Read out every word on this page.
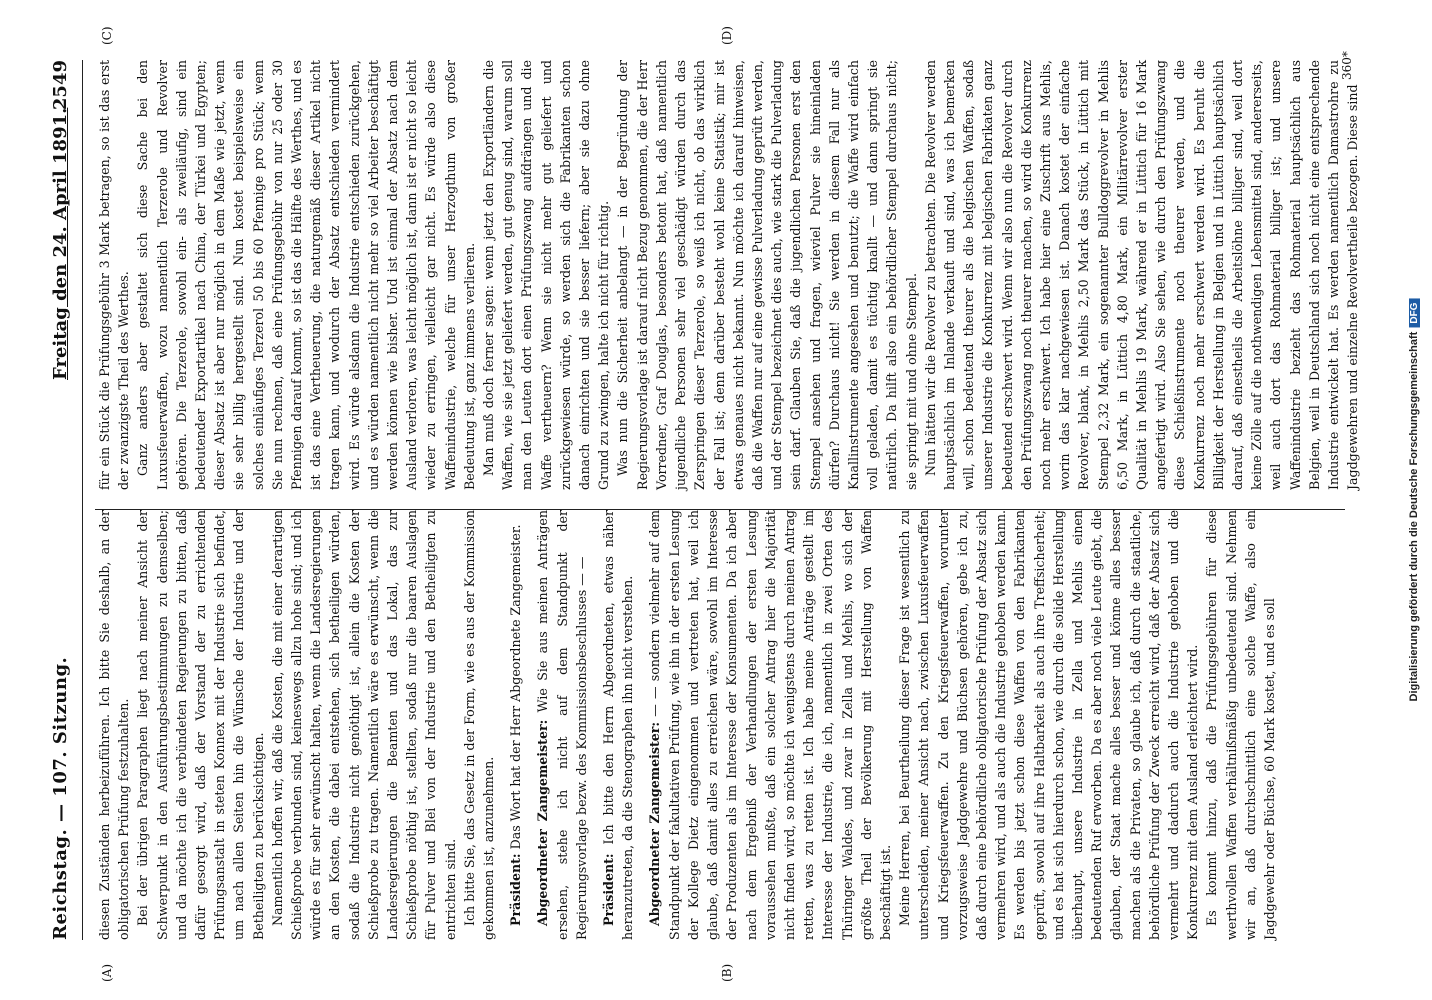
Reichstag. — 107. Sitzung.
Freitag den 24. April 1891.
2549
(A)	(B)
(C)	(D)

diesen Zuständen herbeizuführen. Ich bitte Sie deshalb, an der obligatorischen Prüfung festzuhalten. Bei der übrigen Paragraphen liegt nach meiner Ansicht der Schwerpunkt in den Ausführungsbestimmungen zu demselben; und da möchte ich die verbündeten Regierungen zu bitten, daß dafür gesorgt wird, daß der Vorstand der zu errichtenden Prüfungsanstalt in steten Konnex mit der Industrie sich befindet, um nach allen Seiten hin die Wünsche der Industrie und der Betheiligten zu berücksichtigen. Namentlich hoffen wir, daß die Kosten, die mit einer derartigen Schießprobe verbunden sind, keineswegs allzu hohe sind; und ich würde es für sehr erwünscht halten, wenn die Landesregierungen an den Kosten, die dabei entstehen, sich betheiligen würden, sodaß die Industrie nicht genöthigt ist, allein die Kosten der Schießprobe zu tragen. Namentlich wäre es erwünscht, wenn die Landesregierungen die Beamten und das Lokal, das zur Schießprobe nöthig ist, stellten, sodaß nur die baaren Auslagen für Pulver und Blei von der Industrie und den Betheiligten zu entrichten sind. Ich bitte Sie, das Gesetz in der Form, wie es aus der Kommission gekommen ist, anzunehmen. Präsident: Das Wort hat der Herr Abgeordnete Zangemeister. Abgeordneter Zangemeister: Wie Sie aus meinen Anträgen ersehen, stehe ich nicht auf dem Standpunkt der Regierungsvorlage bezw. des Kommissionsbeschlusses — — Präsident: Ich bitte den Herrn Abgeordneten, etwas näher heranzutreten, da die Stenographen ihn nicht verstehen. Abgeordneter Zangemeister: — — sondern vielmehr auf dem Standpunkt der fakultativen Prüfung, wie ihn in der ersten Lesung der Kollege Dietz eingenommen und vertreten hat, weil ich glaube, daß damit alles zu erreichen wäre, sowohl im Interesse der Produzenten als im Interesse der Konsumenten. Da ich aber nach dem Ergebniß der Verhandlungen der ersten Lesung voraussehen mußte, daß ein solcher Antrag hier die Majorität nicht finden wird, so möchte ich wenigstens durch meinen Antrag retten, was zu retten ist. Ich habe meine Anträge gestellt im Interesse der Industrie, die ich, namentlich in zwei Orten des Thüringer Waldes, und zwar in Zella und Mehlis, wo sich der größte Theil der Bevölkerung mit Herstellung von Waffen beschäftigt ist. Meine Herren, bei Beurtheilung dieser Frage ist wesentlich zu unterscheiden, meiner Ansicht nach, zwischen Luxusfeuerwaffen und Kriegsfeuerwaffen. Zu den Kriegsfeuerwaffen, worunter vorzugsweise Jagdgewehre und Büchsen gehören, gebe ich zu, daß durch eine behördliche obligatorische Prüfung der Absatz sich vermehren wird, und als auch die Industrie gehoben werden kann. Es werden bis jetzt schon diese Waffen von den Fabrikanten geprüft, sowohl auf ihre Haltbarkeit als auch ihre Treffsicherheit; und es hat sich hierdurch schon, wie durch die solide Herstellung überhaupt, unsere Industrie in Zella und Mehlis einen bedeutenden Ruf erworben. Da es aber noch viele Leute giebt, die glauben, der Staat mache alles besser und könne alles besser machen als die Privaten, so glaube ich, daß durch die staatliche, behördliche Prüfung der Zweck erreicht wird, daß der Absatz sich vermehrt und dadurch auch die Industrie gehoben und die Konkurrenz mit dem Ausland erleichtert wird. Es kommt hinzu, daß die Prüfungsgebühren für diese werthvollen Waffen verhältnißmäßig unbedeutend sind. Nehmen wir an, daß durchschnittlich eine solche Waffe, also ein Jagdgewehr oder Büchse, 60 Mark kostet, und es soll

für ein Stück die Prüfungsgebühr 3 Mark betragen, so ist das erst der zwanzigste Theil des Werthes. Ganz anders aber gestaltet sich diese Sache bei den Luxusfeuerwaffen, wozu namentlich Terzerole und Revolver gehören. Die Terzerole, sowohl ein- als zweiläufig, sind ein bedeutender Exportartikel nach China, der Türkei und Egypten; dieser Absatz ist aber nur möglich in dem Maße wie jetzt, wenn sie sehr billig hergestellt sind. Nun kostet beispielsweise ein solches einläufiges Terzerol 50 bis 60 Pfennige pro Stück; wenn Sie nun rechnen, daß eine Prüfungsgebühr von nur 25 oder 30 Pfennigen darauf kommt, so ist das die Hälfte des Werthes, und es ist das eine Vertheuerung, die naturgemäß dieser Artikel nicht tragen kann, und wodurch der Absatz entschieden vermindert wird. Es würde alsdann die Industrie entschieden zurückgehen, und es würden namentlich nicht mehr so viel Arbeiter beschäftigt werden können wie bisher. Und ist einmal der Absatz nach dem Ausland verloren, was leicht möglich ist, dann ist er nicht so leicht wieder zu erringen, vielleicht gar nicht. Es würde also diese Waffenindustrie, welche für unser Herzogthum von großer Bedeutung ist, ganz immens verlieren. Man muß doch ferner sagen: wenn jetzt den Exportländern die Waffen, wie sie jetzt geliefert werden, gut genug sind, warum soll man den Leuten dort einen Prüfungszwang aufdrängen und die Waffe vertheuern? Wenn sie nicht mehr gut geliefert und zurückgewiesen würde, so werden sich die Fabrikanten schon danach einrichten und sie besser liefern; aber sie dazu ohne Grund zu zwingen, halte ich nicht für richtig. Was nun die Sicherheit anbelangt — in der Begründung der Regierungsvorlage ist darauf nicht Bezug genommen, die der Herr Vorredner, Graf Douglas, besonders betont hat, daß namentlich jugendliche Personen sehr viel geschädigt würden durch das Zerspringen dieser Terzerole, so weiß ich nicht, ob das wirklich der Fall ist; denn darüber besteht wohl keine Statistik; mir ist etwas genaues nicht bekannt. Nun möchte ich darauf hinweisen, daß die Waffen nur auf eine gewisse Pulverladung geprüft werden, und der Stempel bezeichnet dies auch, wie stark die Pulverladung sein darf. Glauben Sie, daß die jugendlichen Personen erst den Stempel ansehen und fragen, wieviel Pulver sie hineinladen dürfen? Durchaus nicht! Sie werden in diesem Fall nur als Knallinstrumente angesehen und benutzt; die Waffe wird einfach voll geladen, damit es tüchtig knallt — und dann springt sie natürlich. Da hilft also ein behördlicher Stempel durchaus nicht; sie springt mit und ohne Stempel. Nun hätten wir die Revolver zu betrachten. Die Revolver werden hauptsächlich im Inlande verkauft und sind, was ich bemerken will, schon bedeutend theurer als die belgischen Waffen, sodaß unserer Industrie die Konkurrenz mit belgischen Fabrikaten ganz bedeutend erschwert wird. Wenn wir also nun die Revolver durch den Prüfungszwang noch theurer machen, so wird die Konkurrenz noch mehr erschwert. Ich habe hier eine Zuschrift aus Mehlis, worin das klar nachgewiesen ist. Danach kostet der einfache Revolver, blank, in Mehlis 2,50 Mark das Stück, in Lüttich mit Stempel 2,32 Mark, ein sogenannter Bulldoggrevolver in Mehlis 6,50 Mark, in Lüttich 4,80 Mark, ein Militärrevolver erster Qualität in Mehlis 19 Mark, während er in Lüttich für 16 Mark angefertigt wird. Also Sie sehen, wie durch den Prüfungszwang diese Schießinstrumente noch theurer werden, und die Konkurrenz noch mehr erschwert werden wird. Es beruht die Billigkeit der Herstellung in Belgien und in Lüttich hauptsächlich darauf, daß einestheils die Arbeitslöhne billiger sind, weil dort keine Zölle auf die nothwendigen Lebensmittel sind, andererseits, weil auch dort das Rohmaterial billiger ist; und unsere Waffenindustrie bezieht das Rohmaterial hauptsächlich aus Belgien, weil in Deutschland sich noch nicht eine entsprechende Industrie entwickelt hat. Es werden namentlich Damastrohre zu Jagdgewehren und einzelne Revolvertheile bezogen. Diese sind

360*
Digitalisierung gefördert durch die Deutsche ForschungsgemeinschaftDFG
